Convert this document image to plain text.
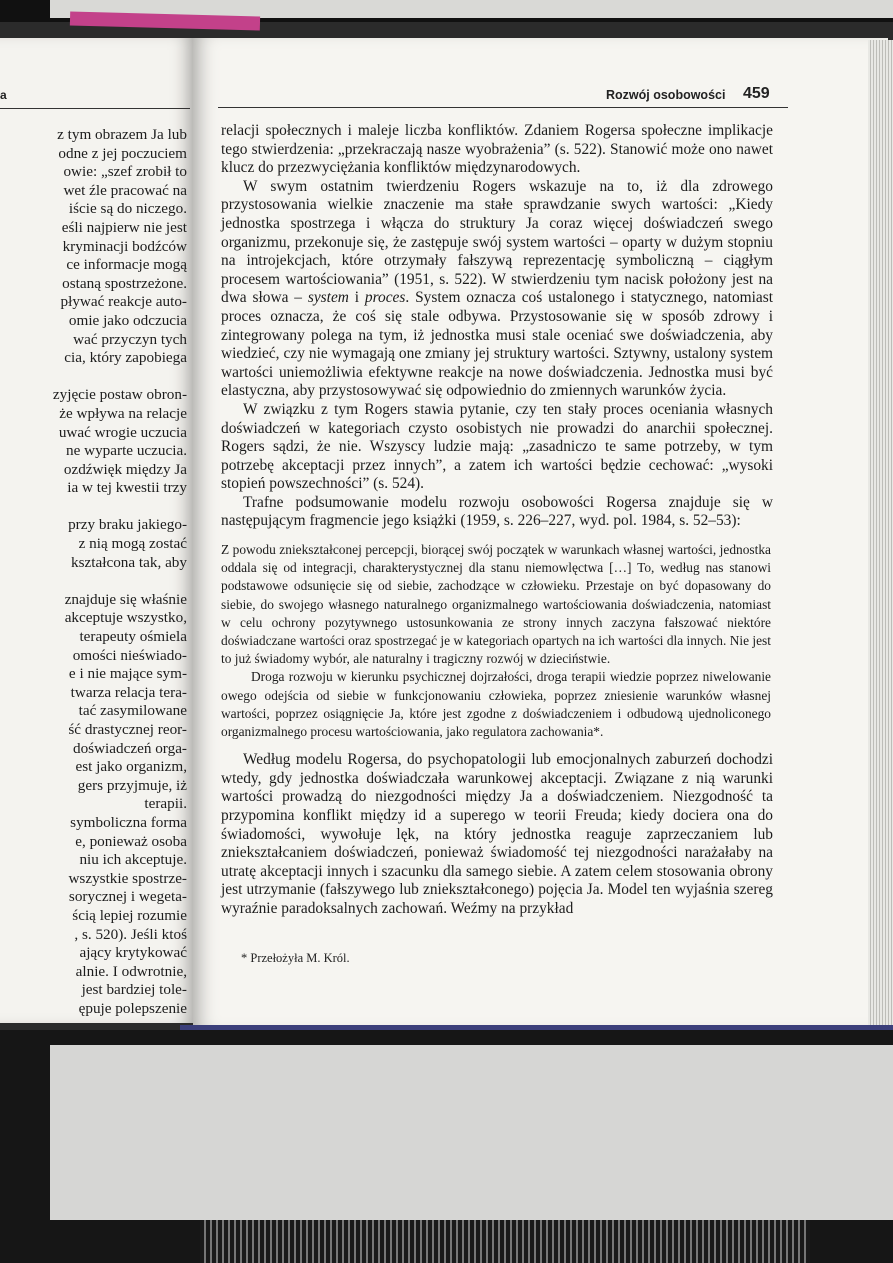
a
z tym obrazem Ja lub
odne z jej poczuciem
owie: „szef zrobił to
wet źle pracować na
iście są do niczego.
eśli najpierw nie jest
kryminacji bodźców
ce informacje mogą
ostaną spostrzeżone.
pływać reakcje auto-
omie jako odczucia
wać przyczyn tych
cia, który zapobiega
zyjęcie postaw obron-
że wpływa na relacje
uwać wrogie uczucia
ne wyparte uczucia.
ozdźwięk między Ja
ia w tej kwestii trzy
przy braku jakiego-
z nią mogą zostać
kształcona tak, aby
znajduje się właśnie
akceptuje wszystko,
terapeuty ośmiela
omości nieświado-
e i nie mające sym-
twarza relacja tera-
tać zasymilowane
ść drastycznej reor-
doświadczeń orga-
est jako organizm,
gers przyjmuje, iż
terapii.
symboliczna forma
e, ponieważ osoba
niu ich akceptuje.
wszystkie spostrze-
sorycznej i wegeta-
ścią lepiej rozumie
, s. 520). Jeśli ktoś
ający krytykować
alnie. I odwrotnie,
jest bardziej tole-
ępuje polepszenie
Rozwój osobowości 459

relacji społecznych i maleje liczba konfliktów. Zdaniem Rogersa społeczne implikacje tego stwierdzenia: „przekraczają nasze wyobrażenia” (s. 522). Stanowić może ono nawet klucz do przezwyciężania konfliktów międzynarodowych.

W swym ostatnim twierdzeniu Rogers wskazuje na to, iż dla zdrowego przystosowania wielkie znaczenie ma stałe sprawdzanie swych wartości: „Kiedy jednostka spostrzega i włącza do struktury Ja coraz więcej doświadczeń swego organizmu, przekonuje się, że zastępuje swój system wartości – oparty w dużym stopniu na introjekcjach, które otrzymały fałszywą reprezentację symboliczną – ciągłym procesem wartościowania” (1951, s. 522). W stwierdzeniu tym nacisk położony jest na dwa słowa – system i proces. System oznacza coś ustalonego i statycznego, natomiast proces oznacza, że coś się stale odbywa. Przystosowanie się w sposób zdrowy i zintegrowany polega na tym, iż jednostka musi stale oceniać swe doświadczenia, aby wiedzieć, czy nie wymagają one zmiany jej struktury wartości. Sztywny, ustalony system wartości uniemożliwia efektywne reakcje na nowe doświadczenia. Jednostka musi być elastyczna, aby przystosowywać się odpowiednio do zmiennych warunków życia.

W związku z tym Rogers stawia pytanie, czy ten stały proces oceniania własnych doświadczeń w kategoriach czysto osobistych nie prowadzi do anarchii społecznej. Rogers sądzi, że nie. Wszyscy ludzie mają: „zasadniczo te same potrzeby, w tym potrzebę akceptacji przez innych”, a zatem ich wartości będzie cechować: „wysoki stopień powszechności” (s. 524).

Trafne podsumowanie modelu rozwoju osobowości Rogersa znajduje się w następującym fragmencie jego książki (1959, s. 226–227, wyd. pol. 1984, s. 52–53):

Z powodu zniekształconej percepcji, biorącej swój początek w warunkach własnej wartości, jednostka oddala się od integracji, charakterystycznej dla stanu niemowlęctwa […] To, według nas stanowi podstawowe odsunięcie się od siebie, zachodzące w człowieku. Przestaje on być dopasowany do siebie, do swojego własnego naturalnego organizmalnego wartościowania doświadczenia, natomiast w celu ochrony pozytywnego ustosunkowania ze strony innych zaczyna fałszować niektóre doświadczane wartości oraz spostrzegać je w kategoriach opartych na ich wartości dla innych. Nie jest to już świadomy wybór, ale naturalny i tragiczny rozwój w dzieciństwie.

Droga rozwoju w kierunku psychicznej dojrzałości, droga terapii wiedzie poprzez niwelowanie owego odejścia od siebie w funkcjonowaniu człowieka, poprzez zniesienie warunków własnej wartości, poprzez osiągnięcie Ja, które jest zgodne z doświadczeniem i odbudową ujednoliconego organizmalnego procesu wartościowania, jako regulatora zachowania*.

Według modelu Rogersa, do psychopatologii lub emocjonalnych zaburzeń dochodzi wtedy, gdy jednostka doświadczała warunkowej akceptacji. Związane z nią warunki wartości prowadzą do niezgodności między Ja a doświadczeniem. Niezgodność ta przypomina konflikt między id a superego w teorii Freuda; kiedy dociera ona do świadomości, wywołuje lęk, na który jednostka reaguje zaprzeczaniem lub zniekształcaniem doświadczeń, ponieważ świadomość tej niezgodności narażałaby na utratę akceptacji innych i szacunku dla samego siebie. A zatem celem stosowania obrony jest utrzymanie (fałszywego lub zniekształconego) pojęcia Ja. Model ten wyjaśnia szereg wyraźnie paradoksalnych zachowań. Weźmy na przykład

* Przełożyła M. Król.
